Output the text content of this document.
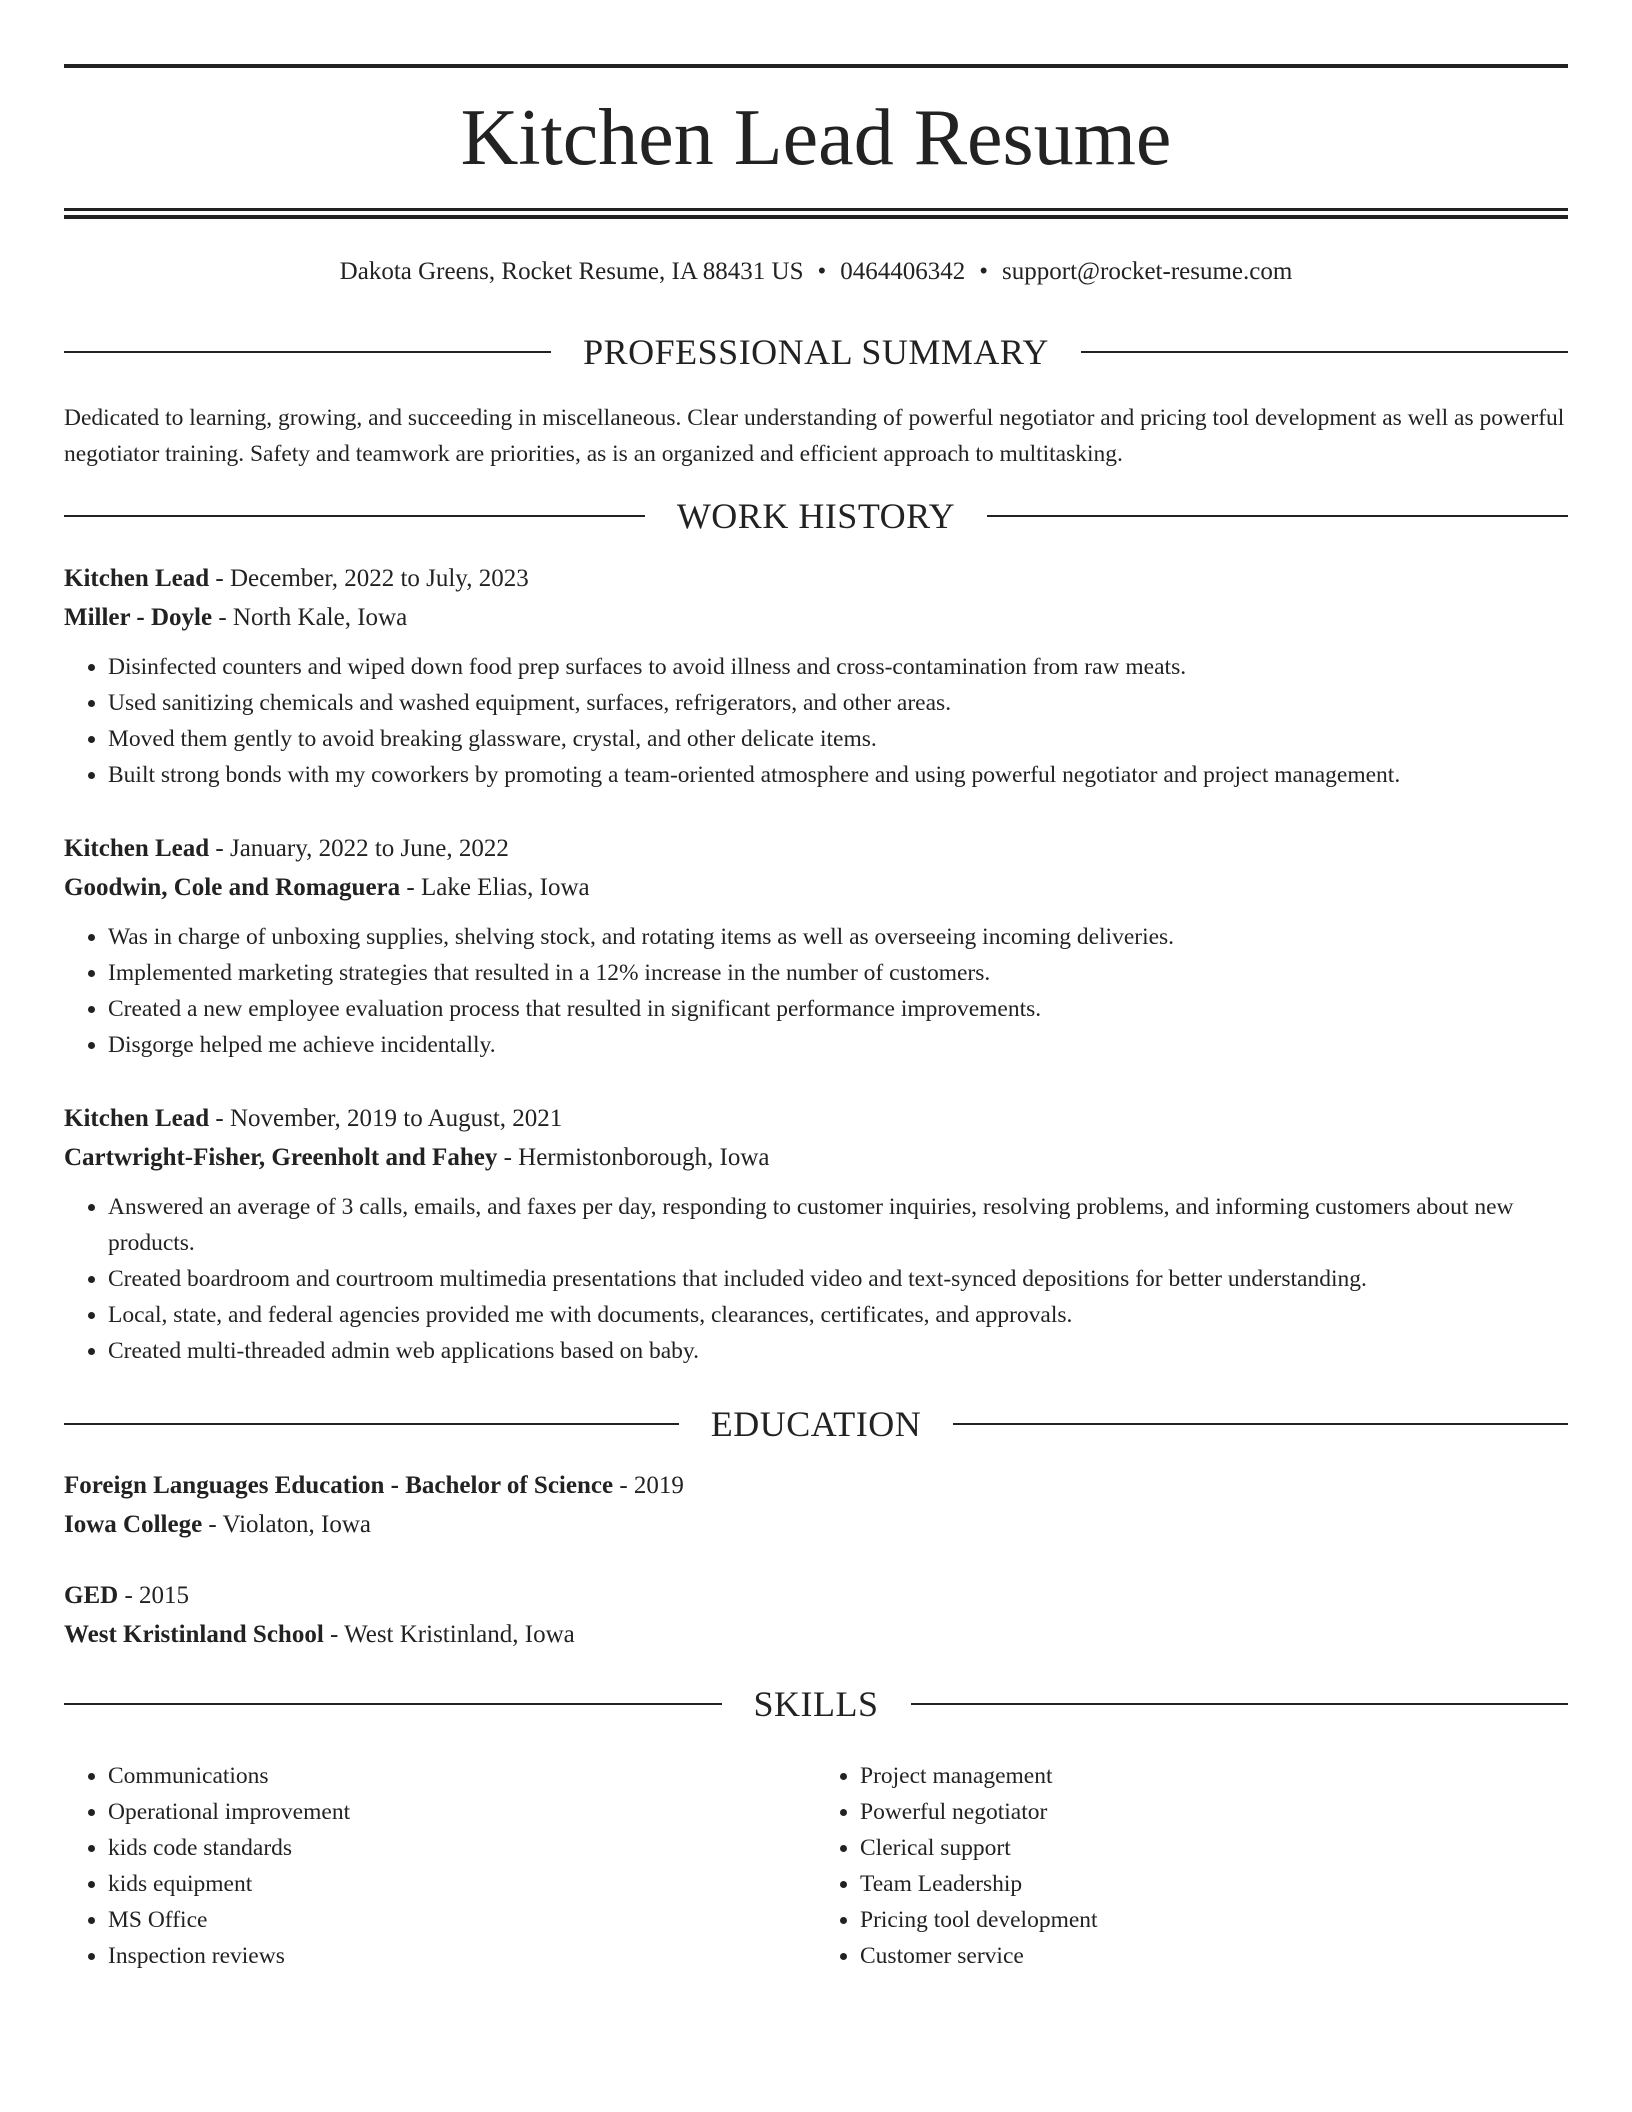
Kitchen Lead Resume
Dakota Greens, Rocket Resume, IA 88431 US • 0464406342 • support@rocket-resume.com
PROFESSIONAL SUMMARY

Dedicated to learning, growing, and succeeding in miscellaneous. Clear understanding of powerful negotiator and pricing tool development as well as powerful negotiator training. Safety and teamwork are priorities, as is an organized and efficient approach to multitasking.

WORK HISTORY
Kitchen Lead - December, 2022 to July, 2023
Miller - Doyle - North Kale, Iowa
• Disinfected counters and wiped down food prep surfaces to avoid illness and cross-contamination from raw meats.
• Used sanitizing chemicals and washed equipment, surfaces, refrigerators, and other areas.
• Moved them gently to avoid breaking glassware, crystal, and other delicate items.
• Built strong bonds with my coworkers by promoting a team-oriented atmosphere and using powerful negotiator and project management.
Kitchen Lead - January, 2022 to June, 2022
Goodwin, Cole and Romaguera - Lake Elias, Iowa
• Was in charge of unboxing supplies, shelving stock, and rotating items as well as overseeing incoming deliveries.
• Implemented marketing strategies that resulted in a 12% increase in the number of customers.
• Created a new employee evaluation process that resulted in significant performance improvements.
• Disgorge helped me achieve incidentally.
Kitchen Lead - November, 2019 to August, 2021
Cartwright-Fisher, Greenholt and Fahey - Hermistonborough, Iowa
• Answered an average of 3 calls, emails, and faxes per day, responding to customer inquiries, resolving problems, and informing customers about new products.
• Created boardroom and courtroom multimedia presentations that included video and text-synced depositions for better understanding.
• Local, state, and federal agencies provided me with documents, clearances, certificates, and approvals.
• Created multi-threaded admin web applications based on baby.
EDUCATION
Foreign Languages Education - Bachelor of Science - 2019
Iowa College - Violaton, Iowa
GED - 2015
West Kristinland School - West Kristinland, Iowa
SKILLS
• Communications
• Operational improvement
• kids code standards
• kids equipment
• MS Office
• Inspection reviews
• Project management
• Powerful negotiator
• Clerical support
• Team Leadership
• Pricing tool development
• Customer service
